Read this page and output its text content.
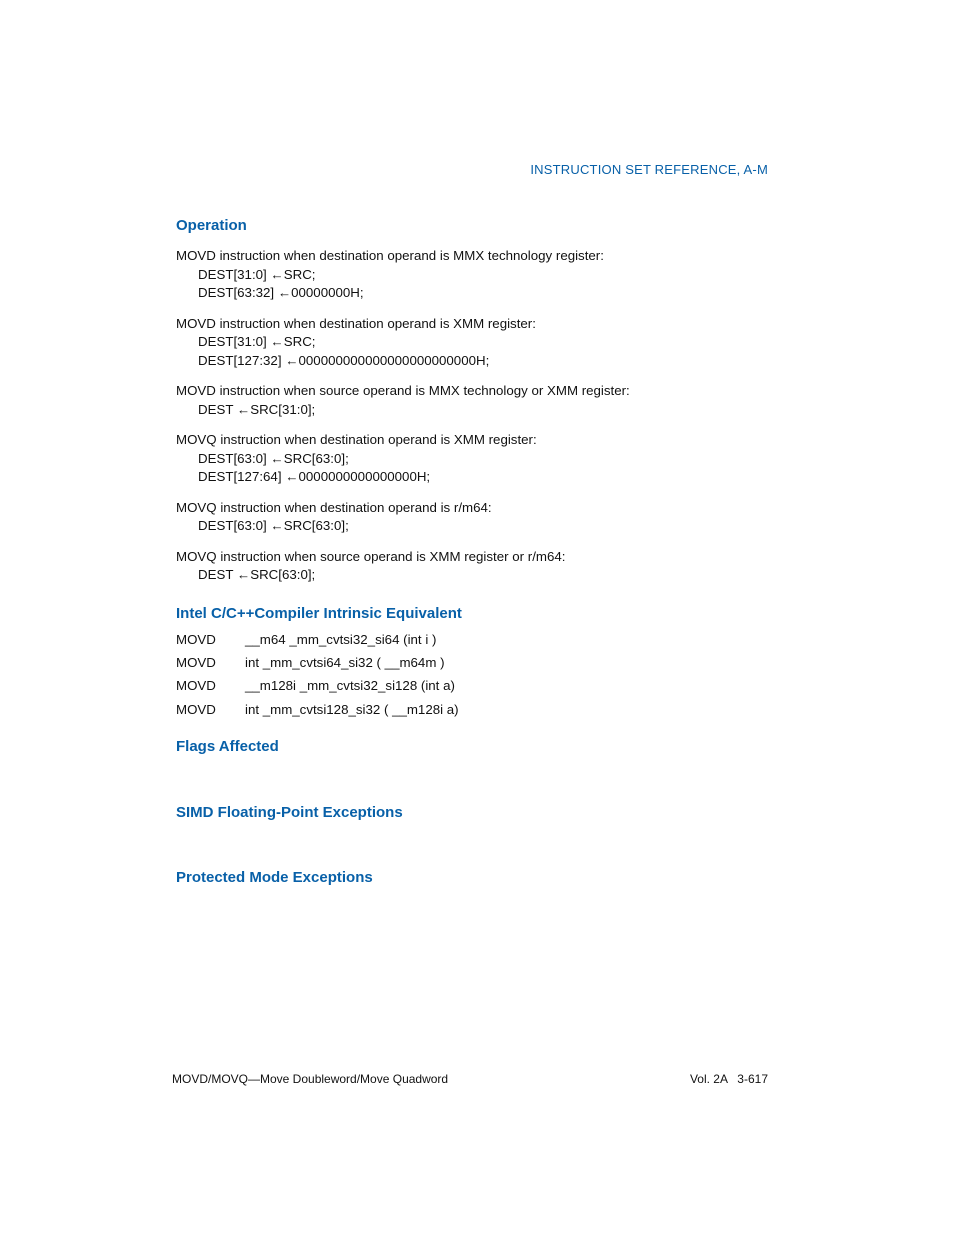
INSTRUCTION SET REFERENCE, A-M
Operation
MOVD instruction when destination operand is MMX technology register:
DEST[31:0] ←SRC;
DEST[63:32] ←00000000H;
MOVD instruction when destination operand is XMM register:
DEST[31:0] ←SRC;
DEST[127:32] ←000000000000000000000000H;
MOVD instruction when source operand is MMX technology or XMM register:
DEST ←SRC[31:0];
MOVQ instruction when destination operand is XMM register:
DEST[63:0] ←SRC[63:0];
DEST[127:64] ←0000000000000000H;
MOVQ instruction when destination operand is r/m64:
DEST[63:0] ←SRC[63:0];
MOVQ instruction when source operand is XMM register or r/m64:
DEST ←SRC[63:0];
Intel C/C++Compiler Intrinsic Equivalent
MOVD	__m64 _mm_cvtsi32_si64 (int i )
MOVD	int _mm_cvtsi64_si32 ( __m64m )
MOVD	__m128i _mm_cvtsi32_si128 (int a)
MOVD	int _mm_cvtsi128_si32 ( __m128i a)
Flags Affected
SIMD Floating-Point Exceptions
Protected Mode Exceptions
MOVD/MOVQ—Move Doubleword/Move Quadword	Vol. 2A   3-617
